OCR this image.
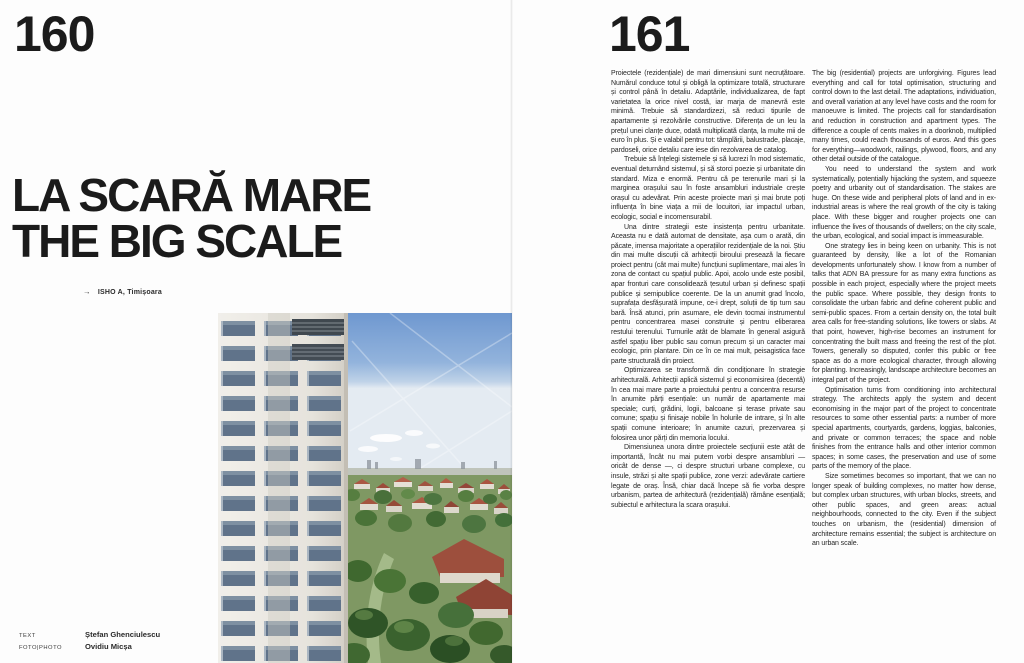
160
LA SCARĂ MARE
THE BIG SCALE
→ ISHO A, Timișoara
TEXT	Ștefan Ghenciulescu
FOTO|PHOTO	Ovidiu Micșa
161

Proiectele (rezidențiale) de mari dimensiuni sunt necruțătoare. Numărul conduce totul și obligă la optimizare totală, structurare și control până în detaliu. Adaptările, individualizarea, de fapt varietatea la orice nivel costă, iar marja de manevră este minimă. Trebuie să standardizezi, să reduci tipurile de apartamente și rezolvările constructive. Diferența de un leu la prețul unei clanțe duce, odată multiplicată clanța, la multe mii de euro în plus. Și e valabil pentru tot: tâmplării, balustrade, placaje, pardoseli, orice detaliu care iese din rezolvarea de catalog.

Trebuie să înțelegi sistemele și să lucrezi în mod sistematic, eventual deturnând sistemul, și să storci poezie și urbanitate din standard. Miza e enormă. Pentru că pe terenurile mari și la marginea orașului sau în foste ansambluri industriale crește orașul cu adevărat. Prin aceste proiecte mari și mai brute poți influența în bine viața a mii de locuitori, iar impactul urban, ecologic, social e incomensurabil.

Una dintre strategii este insistența pentru urbanitate. Aceasta nu e dată automat de densitate, așa cum o arată, din păcate, imensa majoritate a operațiilor rezidențiale de la noi. Știu din mai multe discuții că arhitecții biroului presează la fiecare proiect pentru (cât mai multe) funcțiuni suplimentare, mai ales în zona de contact cu spațiul public. Apoi, acolo unde este posibil, apar fronturi care consolidează țesutul urban și definesc spații publice și semipublice coerente. De la un anumit grad încolo, suprafața desfășurată impune, ce-i drept, soluții de tip turn sau bară. Însă atunci, prin asumare, ele devin tocmai instrumentul pentru concentrarea masei construite și pentru eliberarea restului terenului. Turnurile atât de blamate în general asigură astfel spațiu liber public sau comun precum și un caracter mai ecologic, prin plantare. Din ce în ce mai mult, peisagistica face parte structurală din proiect.

Optimizarea se transformă din condiționare în strategie arhitecturală. Arhitecții aplică sistemul și economisirea (decentă) în cea mai mare parte a proiectului pentru a concentra resurse în anumite părți esențiale: un număr de apartamente mai speciale; curți, grădini, logii, balcoane și terase private sau comune; spațiu și finisaje nobile în holurile de intrare, și în alte spații comune interioare; în anumite cazuri, prezervarea și folosirea unor părți din memoria locului.

Dimensiunea unora dintre proiectele secțiunii este atât de importantă, încât nu mai putem vorbi despre ansambluri — oricât de dense —, ci despre structuri urbane complexe, cu insule, străzi și alte spații publice, zone verzi: adevărate cartiere legate de oraș. Însă, chiar dacă începe să fie vorba despre urbanism, partea de arhitectură (rezidențială) rămâne esențială; subiectul e arhitectura la scara orașului.

The big (residential) projects are unforgiving. Figures lead everything and call for total optimisation, structuring and control down to the last detail. The adaptations, individuation, and overall variation at any level have costs and the room for manoeuvre is limited. The projects call for standardisation and reduction in construction and apartment types. The difference a couple of cents makes in a doorknob, multiplied many times, could reach thousands of euros. And this goes for everything—woodwork, railings, plywood, floors, and any other detail outside of the catalogue.

You need to understand the system and work systematically, potentially hijacking the system, and squeeze poetry and urbanity out of standardisation. The stakes are huge. On these wide and peripheral plots of land and in ex-industrial areas is where the real growth of the city is taking place. With these bigger and rougher projects one can influence the lives of thousands of dwellers; on the city scale, the urban, ecological, and social impact is immeasurable.

One strategy lies in being keen on urbanity. This is not guaranteed by density, like a lot of the Romanian developments unfortunately show. I know from a number of talks that ADN BA pressure for as many extra functions as possible in each project, especially where the project meets the public space. Where possible, they design fronts to consolidate the urban fabric and define coherent public and semi-public spaces. From a certain density on, the total built area calls for free-standing solutions, like towers or slabs. At that point, however, high-rise becomes an instrument for concentrating the built mass and freeing the rest of the plot. Towers, generally so disputed, confer this public or free space as do a more ecological character, through allowing for planting. Increasingly, landscape architecture becomes an integral part of the project.

Optimisation turns from conditioning into architectural strategy. The architects apply the system and decent economising in the major part of the project to concentrate resources to some other essential parts: a number of more special apartments, courtyards, gardens, loggias, balconies, and private or common terraces; the space and noble finishes from the entrance halls and other interior common spaces; in some cases, the preservation and use of some parts of the memory of the place.

Size sometimes becomes so important, that we can no longer speak of building complexes, no matter how dense, but complex urban structures, with urban blocks, streets, and other public spaces, and green areas: actual neighbourhoods, connected to the city. Even if the subject touches on urbanism, the (residential) dimension of architecture remains essential; the subject is architecture on an urban scale.
